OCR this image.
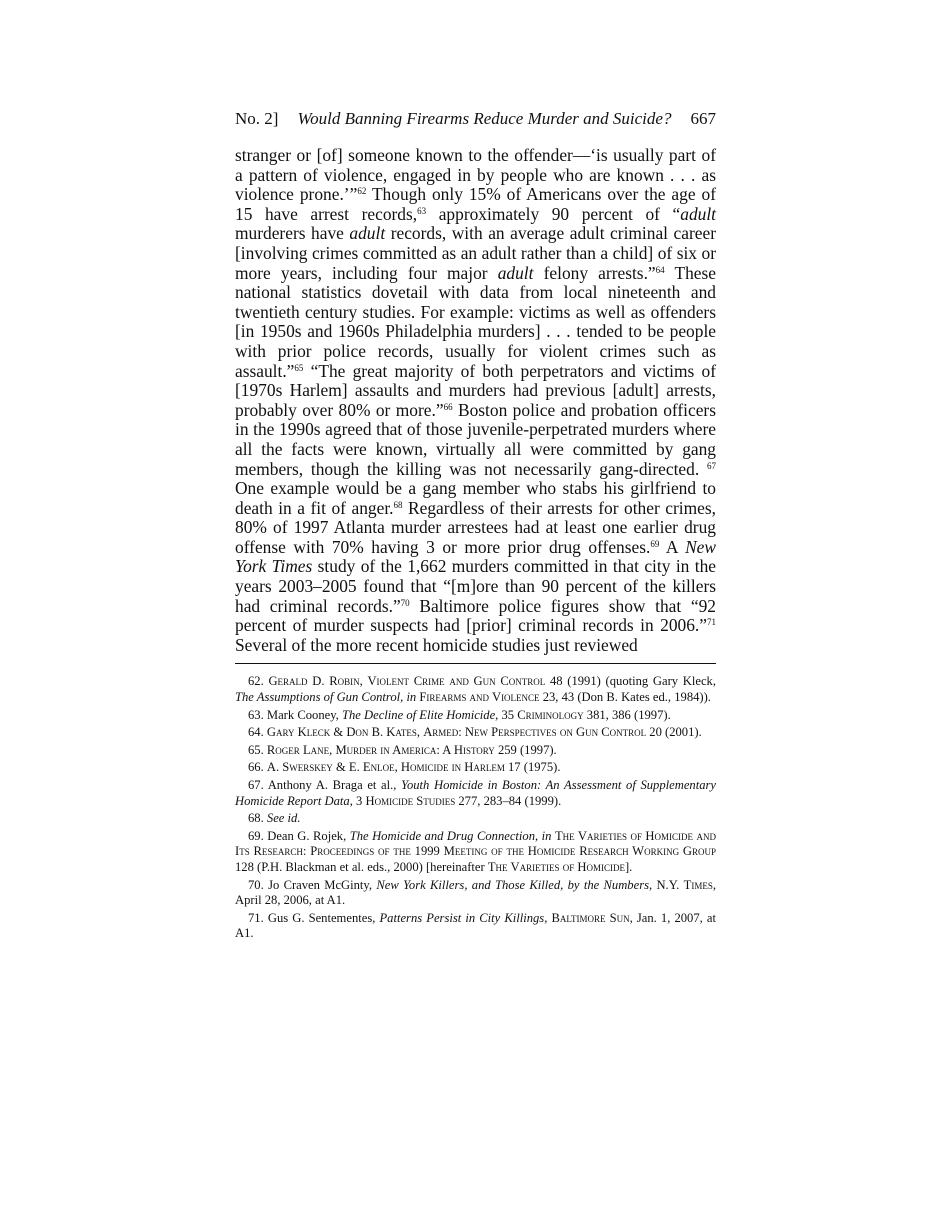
No. 2]	Would Banning Firearms Reduce Murder and Suicide?	667
stranger or [of] someone known to the offender—‘is usually part of a pattern of violence, engaged in by people who are known . . . as violence prone.’”$^{62}$ Though only 15% of Americans over the age of 15 have arrest records,$^{63}$ approximately 90 percent of “adult murderers have adult records, with an average adult criminal career [involving crimes committed as an adult rather than a child] of six or more years, including four major adult felony arrests.”$^{64}$ These national statistics dovetail with data from local nineteenth and twentieth century studies. For example: victims as well as offenders [in 1950s and 1960s Philadelphia murders] . . . tended to be people with prior police records, usually for violent crimes such as assault.”$^{65}$ “The great majority of both perpetrators and victims of [1970s Harlem] assaults and murders had previous [adult] arrests, probably over 80% or more.”$^{66}$ Boston police and probation officers in the 1990s agreed that of those juvenile-perpetrated murders where all the facts were known, virtually all were committed by gang members, though the killing was not necessarily gang-directed. $^{67}$ One example would be a gang member who stabs his girlfriend to death in a fit of anger.$^{68}$ Regardless of their arrests for other crimes, 80% of 1997 Atlanta murder arrestees had at least one earlier drug offense with 70% having 3 or more prior drug offenses.$^{69}$ A New York Times study of the 1,662 murders committed in that city in the years 2003–2005 found that “[m]ore than 90 percent of the killers had criminal records.”$^{70}$ Baltimore police figures show that “92 percent of murder suspects had [prior] criminal records in 2006.”$^{71}$ Several of the more recent homicide studies just reviewed

62. Gerald D. Robin, Violent Crime and Gun Control 48 (1991) (quoting Gary Kleck, The Assumptions of Gun Control, in Firearms and Violence 23, 43 (Don B. Kates ed., 1984)).

63. Mark Cooney, The Decline of Elite Homicide, 35 Criminology 381, 386 (1997).

64. Gary Kleck & Don B. Kates, Armed: New Perspectives on Gun Control 20 (2001).

65. Roger Lane, Murder in America: A History 259 (1997).

66. A. Swerskey & E. Enloe, Homicide in Harlem 17 (1975).

67. Anthony A. Braga et al., Youth Homicide in Boston: An Assessment of Supplementary Homicide Report Data, 3 Homicide Studies 277, 283–84 (1999).

68. See id.

69. Dean G. Rojek, The Homicide and Drug Connection, in The Varieties of Homicide and Its Research: Proceedings of the 1999 Meeting of the Homicide Research Working Group 128 (P.H. Blackman et al. eds., 2000) [hereinafter The Varieties of Homicide].

70. Jo Craven McGinty, New York Killers, and Those Killed, by the Numbers, N.Y. Times, April 28, 2006, at A1.

71. Gus G. Sentementes, Patterns Persist in City Killings, Baltimore Sun, Jan. 1, 2007, at A1.
